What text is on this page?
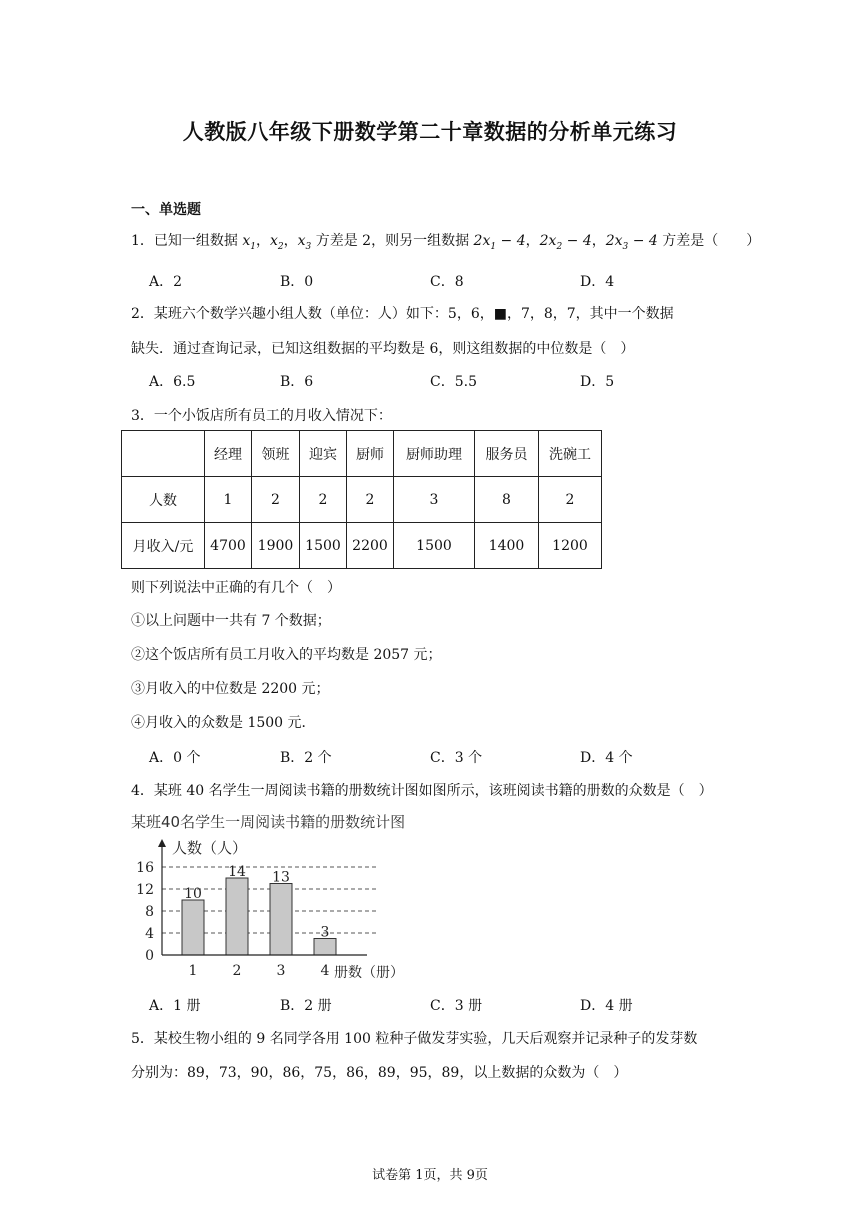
人教版八年级下册数学第二十章数据的分析单元练习
一、单选题
1．已知一组数据 $x_1$，$x_2$，$x_3$ 方差是 2，则另一组数据 $2x_1 - 4$，$2x_2 - 4$，$2x_3 - 4$ 方差是（　　）
A．2	B．0	C．8	D．4
2．某班六个数学兴趣小组人数（单位：人）如下：5，6，■，7，8，7，其中一个数据
缺失．通过查询记录，已知这组数据的平均数是 6，则这组数据的中位数是（　）
A．6.5	B．6	C．5.5	D．5
3．一个小饭店所有员工的月收入情况下：
	经理	领班	迎宾	厨师	厨师助理	服务员	洗碗工
人数	1	2	2	2	3	8	2
月收入/元	4700	1900	1500	2200	1500	1400	1200
则下列说法中正确的有几个（　）
①以上问题中一共有 7 个数据；
②这个饭店所有员工月收入的平均数是 2057 元；
③月收入的中位数是 2200 元；
④月收入的众数是 1500 元．
A．0 个	B．2 个	C．3 个	D．4 个
4．某班 40 名学生一周阅读书籍的册数统计图如图所示，该班阅读书籍的册数的众数是（　）
某班40名学生一周阅读书籍的册数统计图
0
4
8
12
16
10
1
14
2
13
3
3
4
人数（人）
册数（册）
A．1 册	B．2 册	C．3 册	D．4 册
5．某校生物小组的 9 名同学各用 100 粒种子做发芽实验，几天后观察并记录种子的发芽数
分别为：89，73，90，86，75，86，89，95，89，以上数据的众数为（　）
试卷第 1页，共 9页
